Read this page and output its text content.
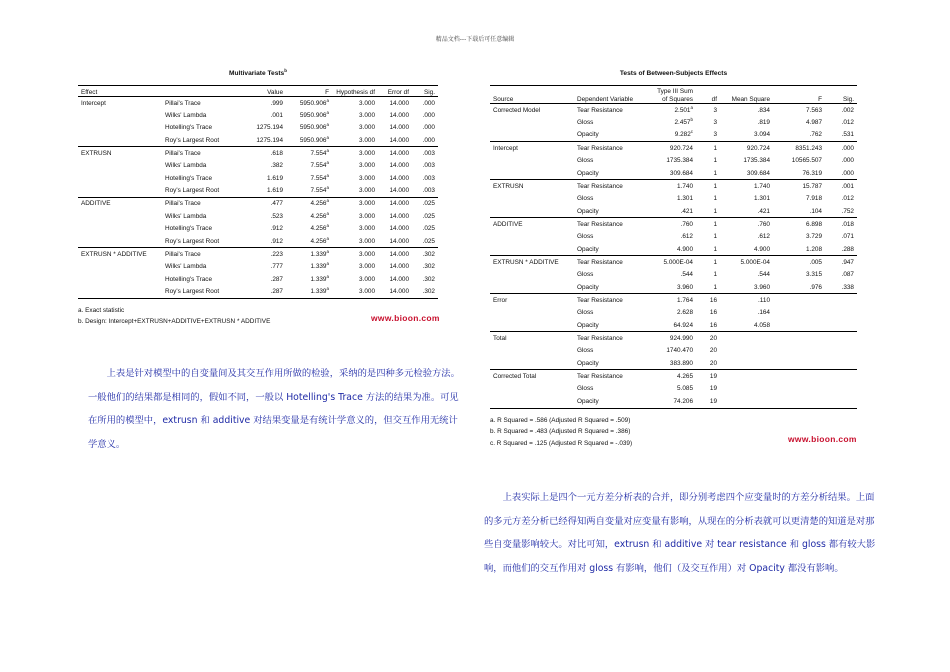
精品文档---下载后可任意编辑
Multivariate Tests$^b$
Effect		Value	F	Hypothesis df	Error df	Sig.
Intercept	Pillai's Trace	.999	5950.906$^a$	3.000	14.000	.000
	Wilks' Lambda	.001	5950.906$^a$	3.000	14.000	.000
	Hotelling's Trace	1275.194	5950.906$^a$	3.000	14.000	.000
	Roy's Largest Root	1275.194	5950.906$^a$	3.000	14.000	.000
EXTRUSN	Pillai's Trace	.618	7.554$^a$	3.000	14.000	.003
	Wilks' Lambda	.382	7.554$^a$	3.000	14.000	.003
	Hotelling's Trace	1.619	7.554$^a$	3.000	14.000	.003
	Roy's Largest Root	1.619	7.554$^a$	3.000	14.000	.003
ADDITIVE	Pillai's Trace	.477	4.256$^a$	3.000	14.000	.025
	Wilks' Lambda	.523	4.256$^a$	3.000	14.000	.025
	Hotelling's Trace	.912	4.256$^a$	3.000	14.000	.025
	Roy's Largest Root	.912	4.256$^a$	3.000	14.000	.025
EXTRUSN * ADDITIVE	Pillai's Trace	.223	1.339$^a$	3.000	14.000	.302
	Wilks' Lambda	.777	1.339$^a$	3.000	14.000	.302
	Hotelling's Trace	.287	1.339$^a$	3.000	14.000	.302
	Roy's Largest Root	.287	1.339$^a$	3.000	14.000	.302
a. Exact statistic
b. Design: Intercept+EXTRUSN+ADDITIVE+EXTRUSN * ADDITIVE	www.bioon.com
Tests of Between-Subjects Effects
		Type III Sum				
Source	Dependent Variable	of Squares	df	Mean Square	F	Sig.
Corrected Model	Tear Resistance	2.501$^a$	3	.834	7.563	.002
	Gloss	2.457$^b$	3	.819	4.987	.012
	Opacity	9.282$^c$	3	3.094	.762	.531
Intercept	Tear Resistance	920.724	1	920.724	8351.243	.000
	Gloss	1735.384	1	1735.384	10565.507	.000
	Opacity	309.684	1	309.684	76.319	.000
EXTRUSN	Tear Resistance	1.740	1	1.740	15.787	.001
	Gloss	1.301	1	1.301	7.918	.012
	Opacity	.421	1	.421	.104	.752
ADDITIVE	Tear Resistance	.760	1	.760	6.898	.018
	Gloss	.612	1	.612	3.729	.071
	Opacity	4.900	1	4.900	1.208	.288
EXTRUSN * ADDITIVE	Tear Resistance	5.000E-04	1	5.000E-04	.005	.947
	Gloss	.544	1	.544	3.315	.087
	Opacity	3.960	1	3.960	.976	.338
Error	Tear Resistance	1.764	16	.110		
	Gloss	2.628	16	.164		
	Opacity	64.924	16	4.058		
Total	Tear Resistance	924.990	20			
	Gloss	1740.470	20			
	Opacity	383.890	20			
Corrected Total	Tear Resistance	4.265	19			
	Gloss	5.085	19			
	Opacity	74.206	19			
a. R Squared = .586 (Adjusted R Squared = .509)
b. R Squared = .483 (Adjusted R Squared = .386)
c. R Squared = .125 (Adjusted R Squared = -.039)	www.bioon.com
上表是针对模型中的自变量间及其交互作用所做的检验，采纳的是四种多元检验方法。一般他们的结果都是相同的，假如不同，一般以 Hotelling's Trace 方法的结果为准。可见在所用的模型中，extrusn 和 additive 对结果变量是有统计学意义的，但交互作用无统计学意义。
上表实际上是四个一元方差分析表的合并，即分别考虑四个应变量时的方差分析结果。上面的多元方差分析已经得知两自变量对应变量有影响，从现在的分析表就可以更清楚的知道是对那些自变量影响较大。对比可知，extrusn 和 additive 对 tear resistance 和 gloss 都有较大影响，而他们的交互作用对 gloss 有影响，他们（及交互作用）对 Opacity 都没有影响。
